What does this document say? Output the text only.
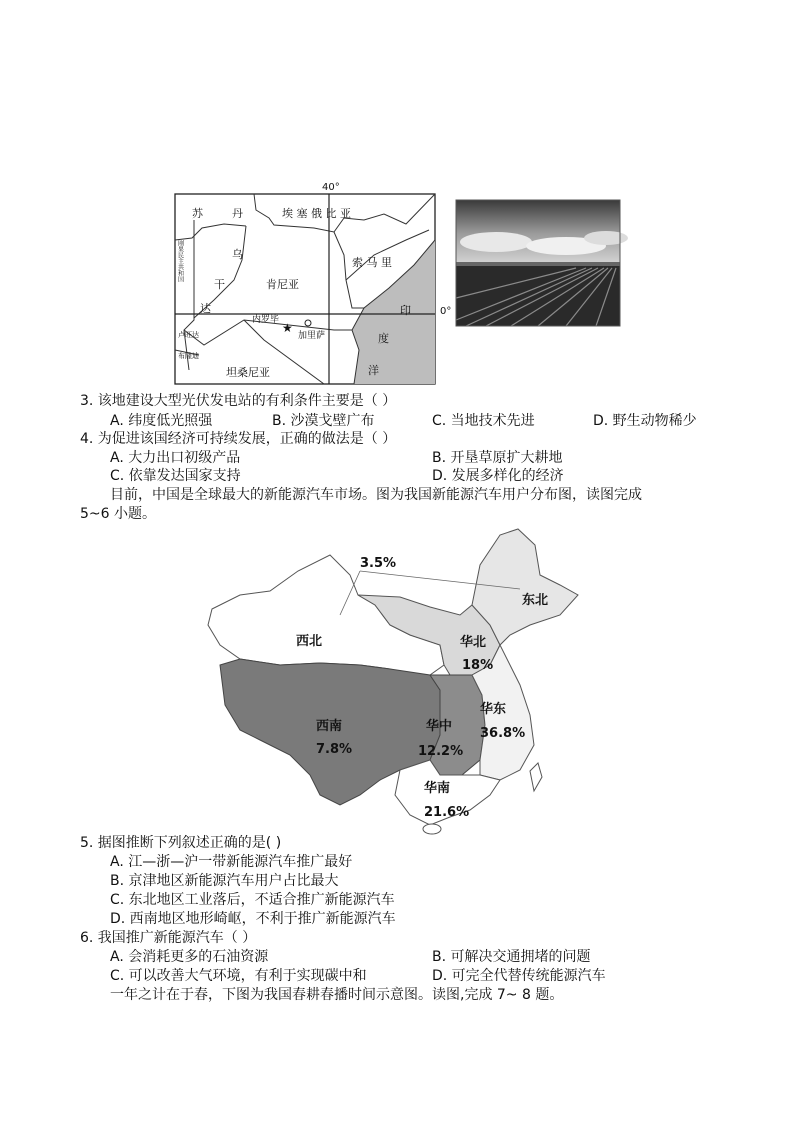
40°
0°
苏	丹	埃 塞 俄 比 亚
乌
干
达
肯尼亚
索 马 里
刚果民主共和国
卢旺达
布隆迪
坦桑尼亚
内罗毕
★
加里萨
印
度
洋
3. 该地建设大型光伏发电站的有利条件主要是（ ）
A. 纬度低光照强	B. 沙漠戈壁广布	C. 当地技术先进	D. 野生动物稀少
4. 为促进该国经济可持续发展，正确的做法是（ ）
A. 大力出口初级产品	B. 开垦草原扩大耕地
C. 依靠发达国家支持	D. 发展多样化的经济
目前，中国是全球最大的新能源汽车市场。图为我国新能源汽车用户分布图，读图完成
5~6 小题。
西北
东北
3.5%
华北
18%
西南
7.8%
华中
12.2%
华东
36.8%
华南
21.6%
5. 据图推断下列叙述正确的是( )
A. 江—浙—沪一带新能源汽车推广最好
B. 京津地区新能源汽车用户占比最大
C. 东北地区工业落后，不适合推广新能源汽车
D. 西南地区地形崎岖，不利于推广新能源汽车
6. 我国推广新能源汽车（ ）
A. 会消耗更多的石油资源	B. 可解决交通拥堵的问题
C. 可以改善大气环境，有利于实现碳中和	D. 可完全代替传统能源汽车
一年之计在于春，下图为我国春耕春播时间示意图。读图,完成 7~ 8 题。
